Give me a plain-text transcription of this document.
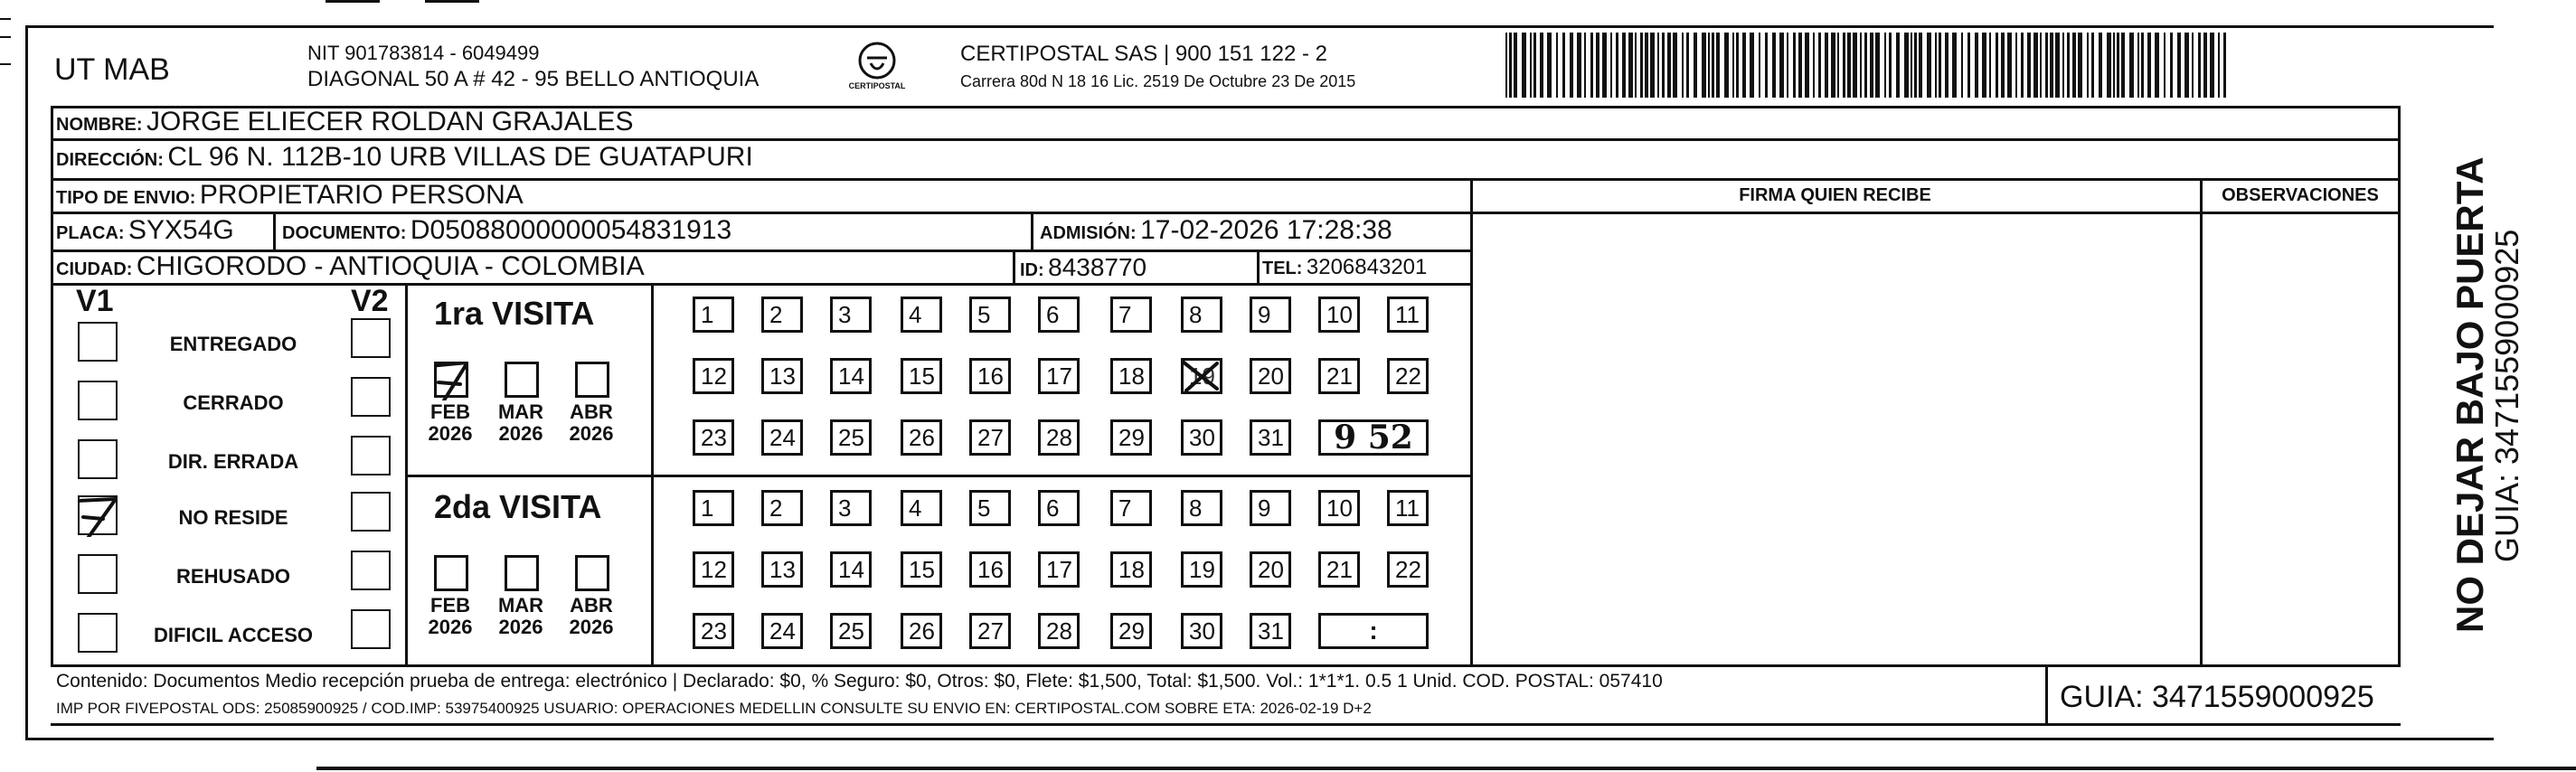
UT MAB	NIT 901783814 - 6049499
DIAGONAL 50 A # 42 - 95 BELLO ANTIOQUIA	CERTIPOSTAL
CERTIPOSTAL SAS | 900 151 122 - 2
Carrera 80d N 18 16 Lic. 2519 De Octubre 23 De 2015
NOMBRE: JORGE ELIECER ROLDAN GRAJALES
DIRECCIÓN: CL 96 N. 112B-10 URB VILLAS DE GUATAPURI
TIPO DE ENVIO: PROPIETARIO PERSONA
PLACA: SYX54G	DOCUMENTO: D05088000000054831913	ADMISIÓN: 17-02-2026 17:28:38
CIUDAD: CHIGORODO - ANTIOQUIA - COLOMBIA	ID: 8438770	TEL: 3206843201
FIRMA QUIEN RECIBE	OBSERVACIONES
V1	V2
ENTREGADO
CERRADO
DIR. ERRADA
NO RESIDE
REHUSADO
DIFICIL ACCESO
1ra VISITA
FEB
2026
MAR
2026
ABR
2026
1 2 3 4 5 6	7 8 9 10 11
12 13 14 15 16 17 18 19 20 21 22
23 24 25 26 27 28 29 30 31	9 52
2da VISITA
FEB
2026
MAR
2026
ABR
2026
1 2 3 4 5 6	7 8 9 10 11
12 13 14 15 16 17 18 19 20 21 22
23 24 25 26 27 28 29 30 31	:
Contenido: Documentos Medio recepción prueba de entrega: electrónico | Declarado: $0, % Seguro: $0, Otros: $0, Flete: $1,500, Total: $1,500. Vol.: 1*1*1. 0.5 1 Unid. COD. POSTAL: 057410
IMP POR FIVEPOSTAL ODS: 25085900925 / COD.IMP: 53975400925 USUARIO: OPERACIONES MEDELLIN CONSULTE SU ENVIO EN: CERTIPOSTAL.COM SOBRE ETA: 2026-02-19 D+2	GUIA: 3471559000925
NO DEJAR BAJO PUERTA
GUIA: 3471559000925
